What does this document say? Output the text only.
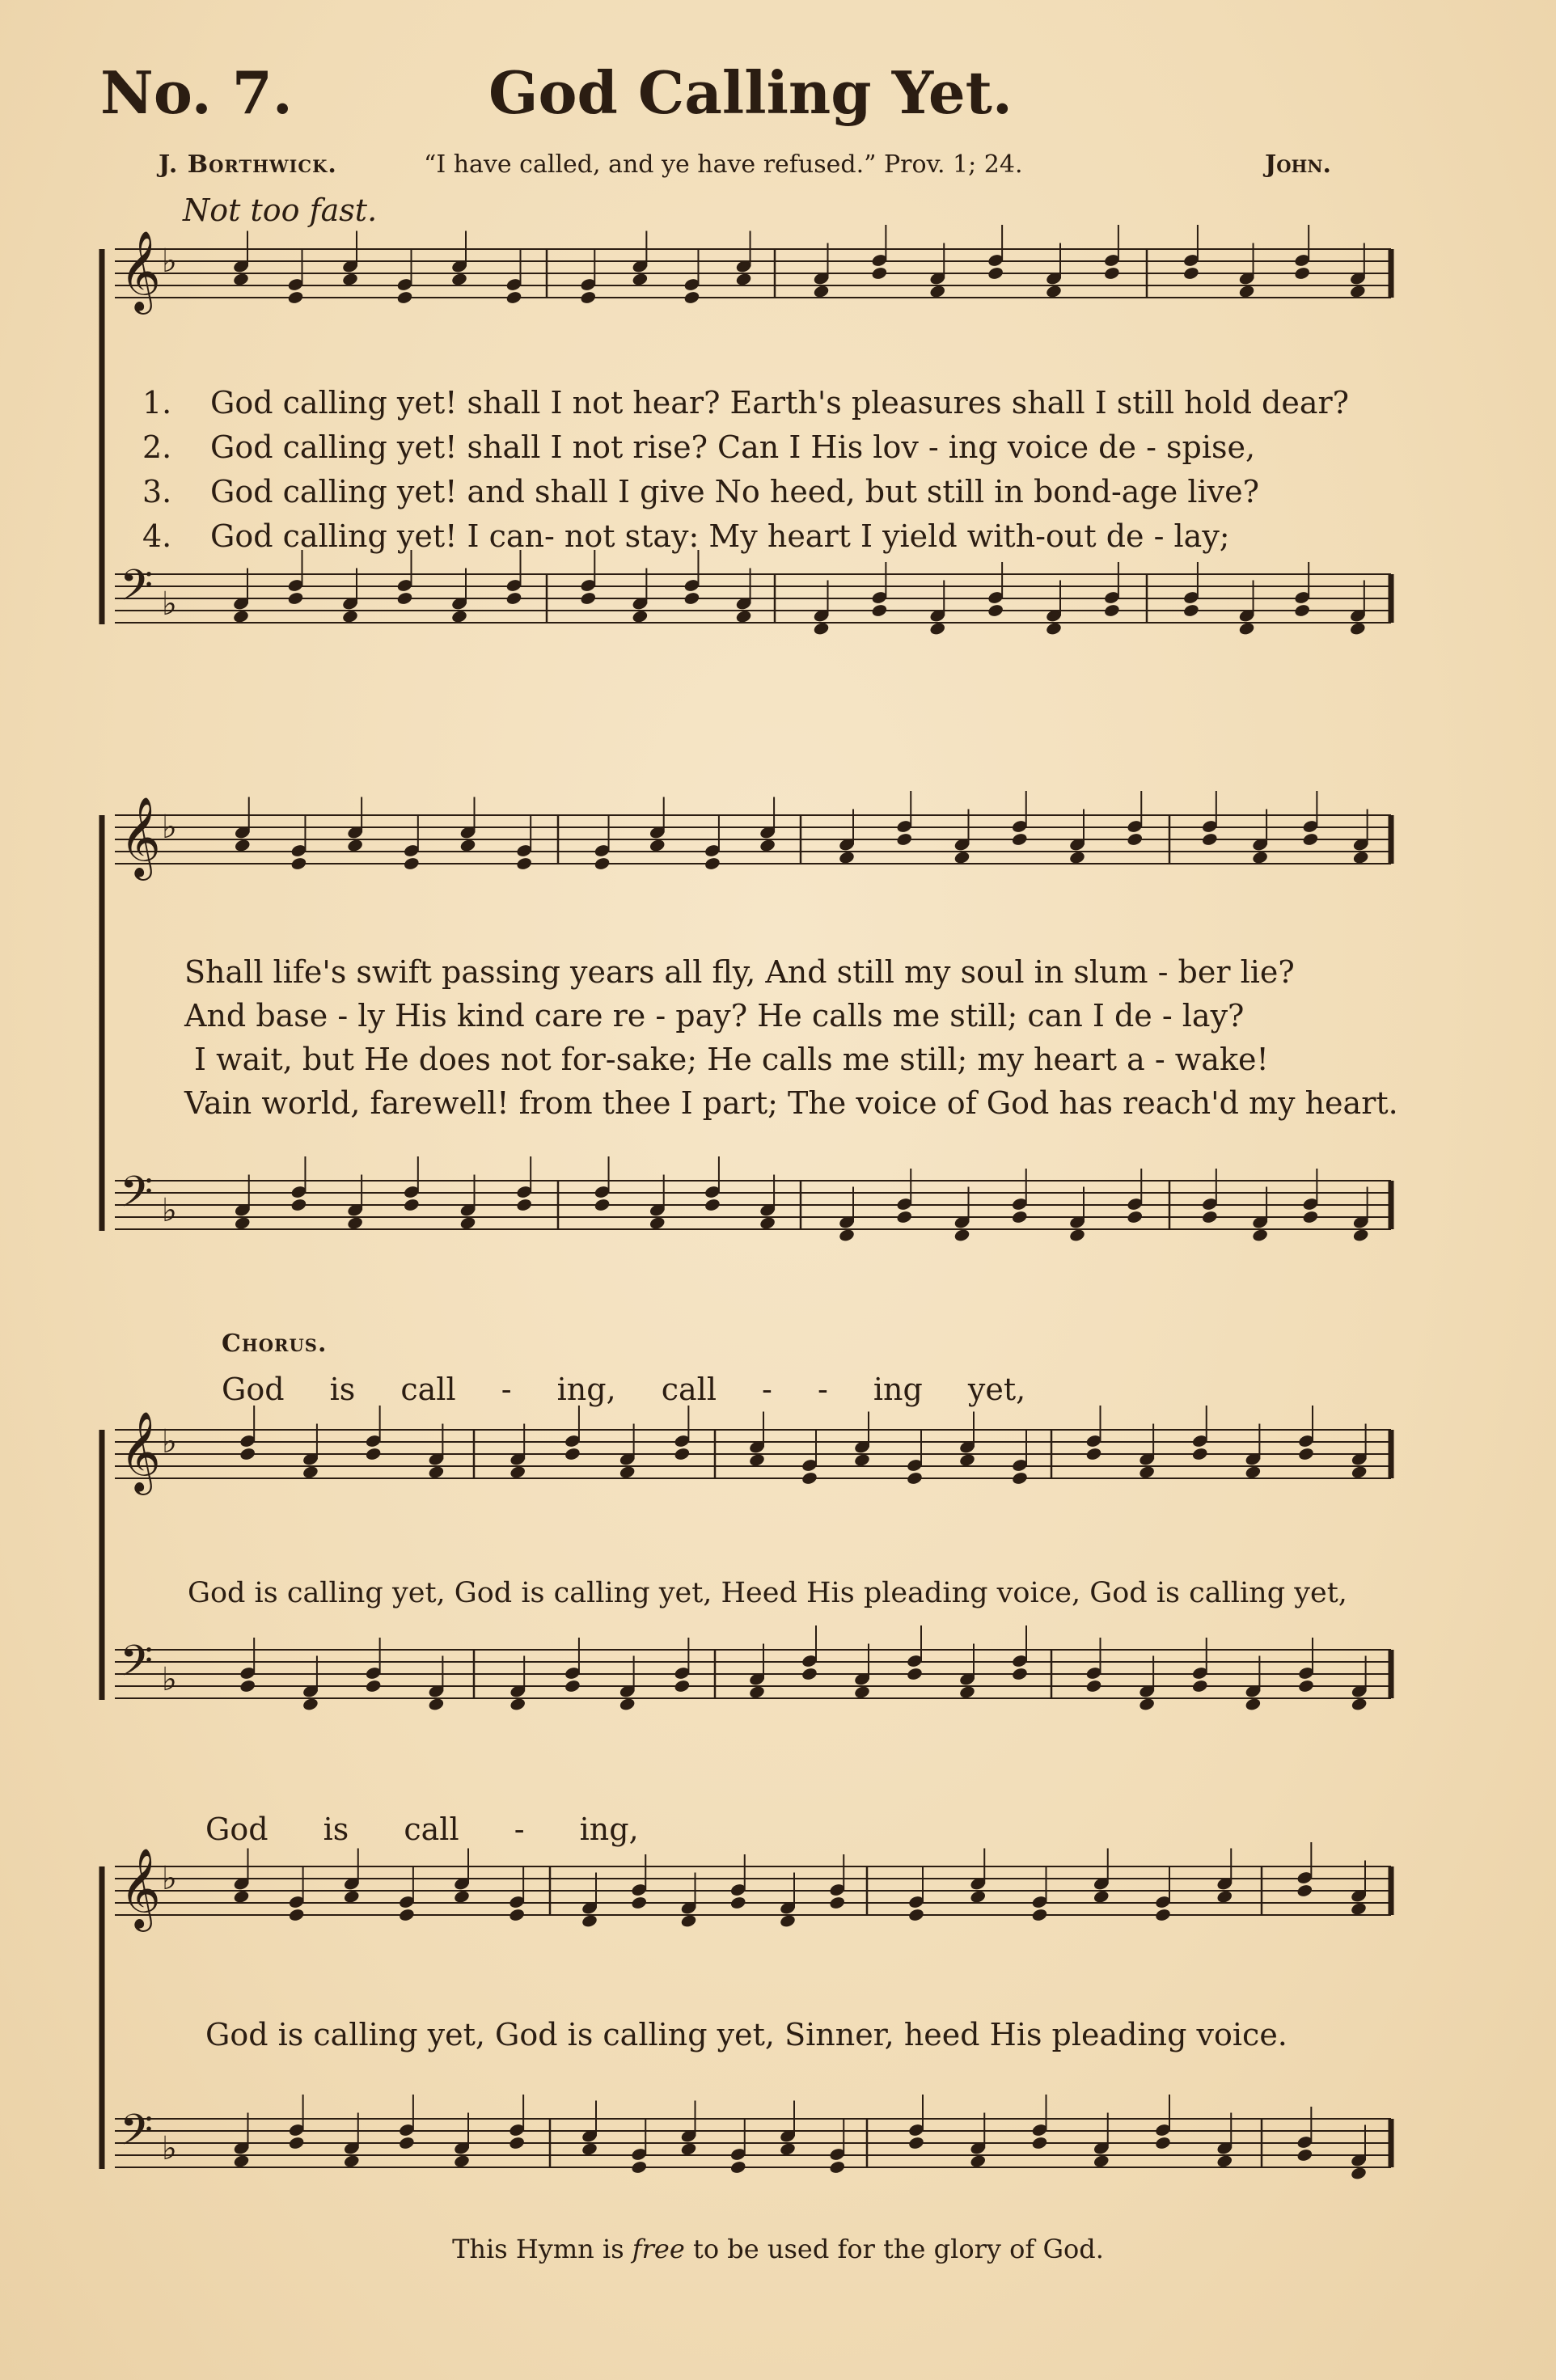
No. 7.	God Calling Yet.
J. Borthwick.	“I have called, and ye have refused.” Prov. 1; 24.	John.
Not too fast.
𝄞 ♭
𝄢 ♭
1. God calling yet! shall I not hear? Earth's pleasures shall I still hold dear?
2. God calling yet! shall I not rise? Can I His lov - ing voice de - spise,
3. God calling yet! and shall I give No heed, but still in bond-age live?
4. God calling yet! I can- not stay: My heart I yield with-out de - lay;
𝄞 ♭
𝄢 ♭
Shall life's swift passing years all fly, And still my soul in slum - ber lie?
And base - ly His kind care re - pay? He calls me still; can I de - lay?
I wait, but He does not for-sake; He calls me still; my heart a - wake!
Vain world, farewell! from thee I part; The voice of God has reach'd my heart.
Chorus.
God is call - ing, call - - ing yet,
𝄞 ♭
𝄢 ♭
God is calling yet, God is calling yet, Heed His pleading voice, God is calling yet,
God is call - ing,
𝄞 ♭
𝄢 ♭
God is calling yet, God is calling yet, Sinner, heed His pleading voice.
This Hymn is free to be used for the glory of God.
